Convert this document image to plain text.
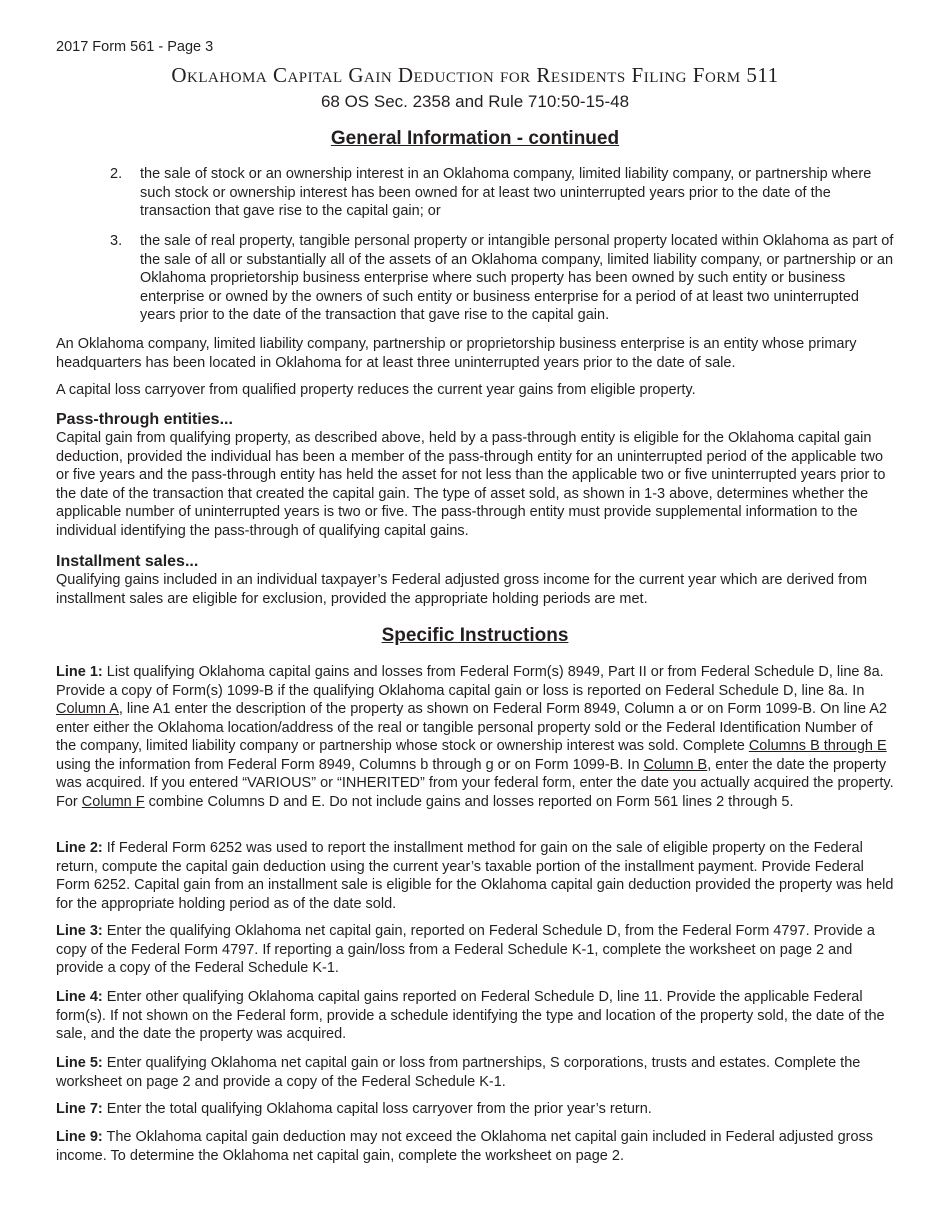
2017 Form 561 - Page 3
Oklahoma Capital Gain Deduction for Residents Filing Form 511
68 OS Sec. 2358 and Rule 710:50-15-48
General Information - continued
2.	the sale of stock or an ownership interest in an Oklahoma company, limited liability company, or partnership where such stock or ownership interest has been owned for at least two uninterrupted years prior to the date of the transaction that gave rise to the capital gain; or
3.	the sale of real property, tangible personal property or intangible personal property located within Oklahoma as part of the sale of all or substantially all of the assets of an Oklahoma company, limited liability company, or partnership or an Oklahoma proprietorship business enterprise where such property has been owned by such entity or business enterprise or owned by the owners of such entity or business enterprise for a period of at least two uninterrupted years prior to the date of the transaction that gave rise to the capital gain.
An Oklahoma company, limited liability company, partnership or proprietorship business enterprise is an entity whose primary headquarters has been located in Oklahoma for at least three uninterrupted years prior to the date of sale.
A capital loss carryover from qualified property reduces the current year gains from eligible property.
Pass-through entities...
Capital gain from qualifying property, as described above, held by a pass-through entity is eligible for the Oklahoma capital gain deduction, provided the individual has been a member of the pass-through entity for an uninterrupted period of the applicable two or five years and the pass-through entity has held the asset for not less than the applicable two or five uninterrupted years prior to the date of the transaction that created the capital gain. The type of asset sold, as shown in 1-3 above, determines whether the applicable number of uninterrupted years is two or five. The pass-through entity must provide supplemental information to the individual identifying the pass-through of qualifying capital gains.
Installment sales...
Qualifying gains included in an individual taxpayer’s Federal adjusted gross income for the current year which are derived from installment sales are eligible for exclusion, provided the appropriate holding periods are met.
Specific Instructions
Line 1: List qualifying Oklahoma capital gains and losses from Federal Form(s) 8949, Part II or from Federal Schedule D, line 8a. Provide a copy of Form(s) 1099-B if the qualifying Oklahoma capital gain or loss is reported on Federal Schedule D, line 8a. In Column A, line A1 enter the description of the property as shown on Federal Form 8949, Column a or on Form 1099-B. On line A2 enter either the Oklahoma location/address of the real or tangible personal property sold or the Federal Identification Number of the company, limited liability company or partnership whose stock or ownership interest was sold. Complete Columns B through E using the information from Federal Form 8949, Columns b through g or on Form 1099-B. In Column B, enter the date the property was acquired. If you entered “VARIOUS” or “INHERITED” from your federal form, enter the date you actually acquired the property. For Column F combine Columns D and E. Do not include gains and losses reported on Form 561 lines 2 through 5.
Line 2: If Federal Form 6252 was used to report the installment method for gain on the sale of eligible property on the Federal return, compute the capital gain deduction using the current year’s taxable portion of the installment payment. Provide Federal Form 6252. Capital gain from an installment sale is eligible for the Oklahoma capital gain deduction provided the property was held for the appropriate holding period as of the date sold.
Line 3: Enter the qualifying Oklahoma net capital gain, reported on Federal Schedule D, from the Federal Form 4797. Provide a copy of the Federal Form 4797. If reporting a gain/loss from a Federal Schedule K-1, complete the worksheet on page 2 and provide a copy of the Federal Schedule K-1.
Line 4: Enter other qualifying Oklahoma capital gains reported on Federal Schedule D, line 11. Provide the applicable Federal form(s). If not shown on the Federal form, provide a schedule identifying the type and location of the property sold, the date of the sale, and the date the property was acquired.
Line 5: Enter qualifying Oklahoma net capital gain or loss from partnerships, S corporations, trusts and estates. Complete the worksheet on page 2 and provide a copy of the Federal Schedule K-1.
Line 7: Enter the total qualifying Oklahoma capital loss carryover from the prior year’s return.
Line 9: The Oklahoma capital gain deduction may not exceed the Oklahoma net capital gain included in Federal adjusted gross income. To determine the Oklahoma net capital gain, complete the worksheet on page 2.
